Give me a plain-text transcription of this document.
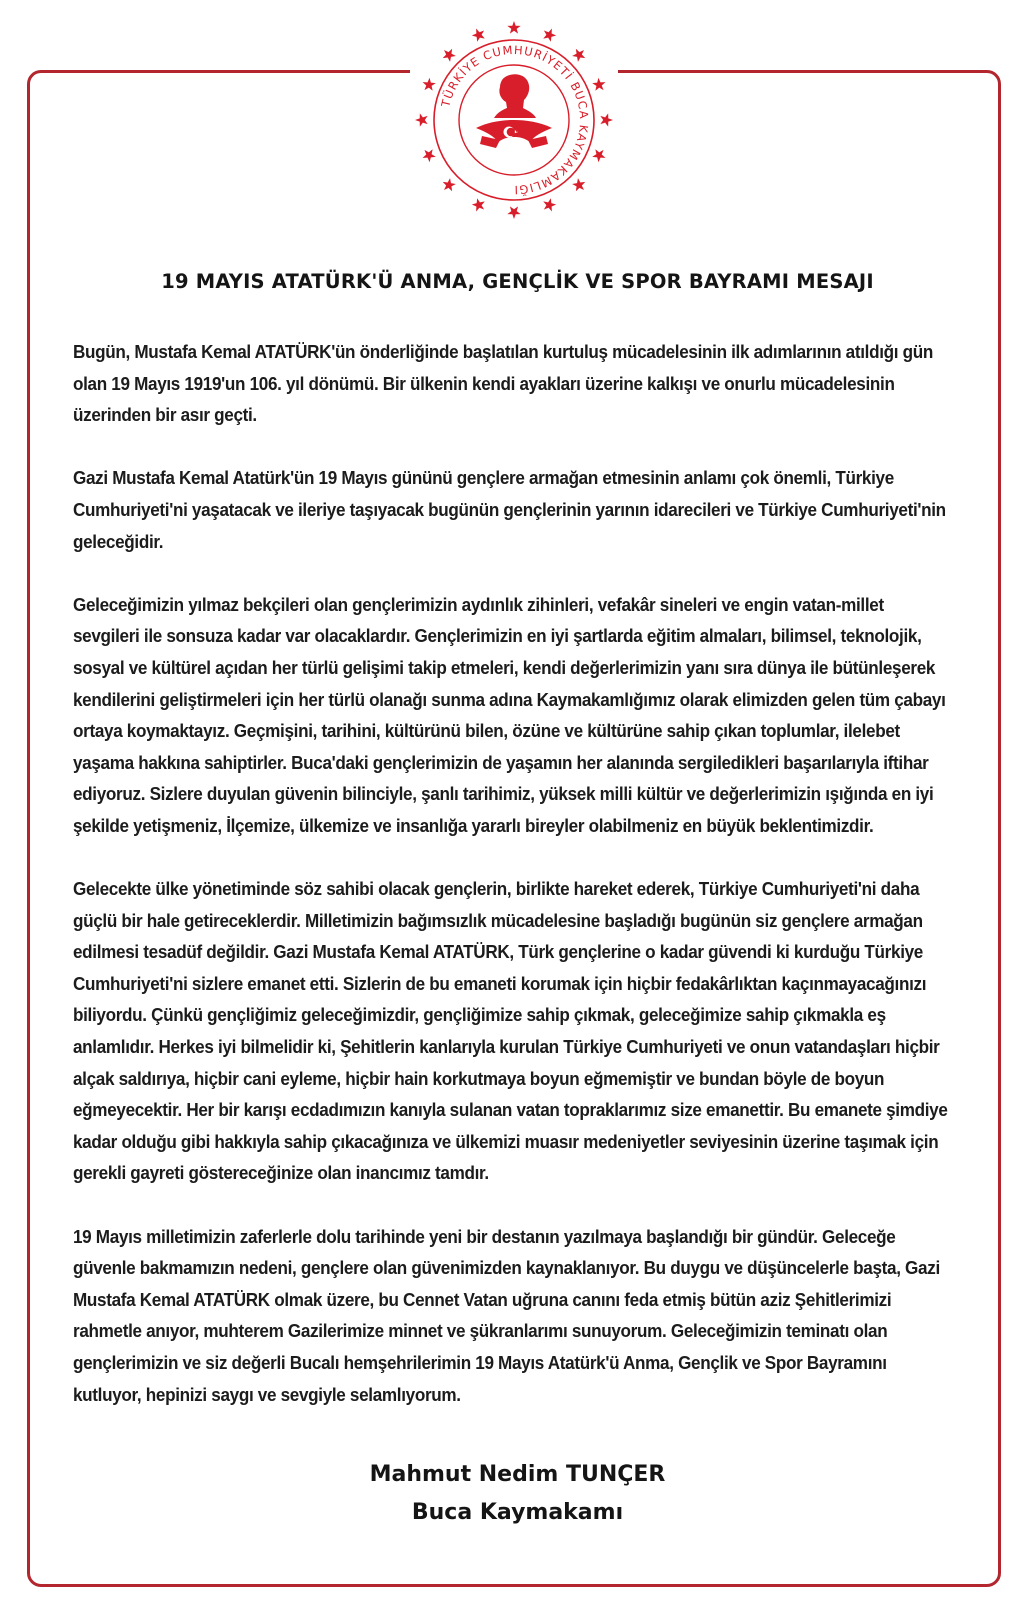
TÜRKİYE CUMHURİYETİ BUCA KAYMAKAMLIĞI
19 MAYIS ATATÜRK'Ü ANMA, GENÇLİK VE SPOR BAYRAMI MESAJI

Bugün, Mustafa Kemal ATATÜRK'ün önderliğinde başlatılan kurtuluş mücadelesinin ilk adımlarının atıldığı gün olan 19 Mayıs 1919'un 106. yıl dönümü. Bir ülkenin kendi ayakları üzerine kalkışı ve onurlu mücadelesinin üzerinden bir asır geçti.

Gazi Mustafa Kemal Atatürk'ün 19 Mayıs gününü gençlere armağan etmesinin anlamı çok önemli, Türkiye Cumhuriyeti'ni yaşatacak ve ileriye taşıyacak bugünün gençlerinin yarının idarecileri ve Türkiye Cumhuriyeti'nin geleceğidir.

Geleceğimizin yılmaz bekçileri olan gençlerimizin aydınlık zihinleri, vefakâr sineleri ve engin vatan-millet sevgileri ile sonsuza kadar var olacaklardır. Gençlerimizin en iyi şartlarda eğitim almaları, bilimsel, teknolojik, sosyal ve kültürel açıdan her türlü gelişimi takip etmeleri, kendi değerlerimizin yanı sıra dünya ile bütünleşerek kendilerini geliştirmeleri için her türlü olanağı sunma adına Kaymakamlığımız olarak elimizden gelen tüm çabayı ortaya koymaktayız. Geçmişini, tarihini, kültürünü bilen, özüne ve kültürüne sahip çıkan toplumlar, ilelebet yaşama hakkına sahiptirler. Buca'daki gençlerimizin de yaşamın her alanında sergiledikleri başarılarıyla iftihar ediyoruz. Sizlere duyulan güvenin bilinciyle, şanlı tarihimiz, yüksek milli kültür ve değerlerimizin ışığında en iyi şekilde yetişmeniz, İlçemize, ülkemize ve insanlığa yararlı bireyler olabilmeniz en büyük beklentimizdir.

Gelecekte ülke yönetiminde söz sahibi olacak gençlerin, birlikte hareket ederek, Türkiye Cumhuriyeti'ni daha güçlü bir hale getireceklerdir. Milletimizin bağımsızlık mücadelesine başladığı bugünün siz gençlere armağan edilmesi tesadüf değildir. Gazi Mustafa Kemal ATATÜRK, Türk gençlerine o kadar güvendi ki kurduğu Türkiye Cumhuriyeti'ni sizlere emanet etti. Sizlerin de bu emaneti korumak için hiçbir fedakârlıktan kaçınmayacağınızı biliyordu. Çünkü gençliğimiz geleceğimizdir, gençliğimize sahip çıkmak, geleceğimize sahip çıkmakla eş anlamlıdır. Herkes iyi bilmelidir ki, Şehitlerin kanlarıyla kurulan Türkiye Cumhuriyeti ve onun vatandaşları hiçbir alçak saldırıya, hiçbir cani eyleme, hiçbir hain korkutmaya boyun eğmemiştir ve bundan böyle de boyun eğmeyecektir. Her bir karışı ecdadımızın kanıyla sulanan vatan topraklarımız size emanettir. Bu emanete şimdiye kadar olduğu gibi hakkıyla sahip çıkacağınıza ve ülkemizi muasır medeniyetler seviyesinin üzerine taşımak için gerekli gayreti göstereceğinize olan inancımız tamdır.

19 Mayıs milletimizin zaferlerle dolu tarihinde yeni bir destanın yazılmaya başlandığı bir gündür. Geleceğe güvenle bakmamızın nedeni, gençlere olan güvenimizden kaynaklanıyor. Bu duygu ve düşüncelerle başta, Gazi Mustafa Kemal ATATÜRK olmak üzere, bu Cennet Vatan uğruna canını feda etmiş bütün aziz Şehitlerimizi rahmetle anıyor, muhterem Gazilerimize minnet ve şükranlarımı sunuyorum. Geleceğimizin teminatı olan gençlerimizin ve siz değerli Bucalı hemşehrilerimin 19 Mayıs Atatürk'ü Anma, Gençlik ve Spor Bayramını kutluyor, hepinizi saygı ve sevgiyle selamlıyorum.

Mahmut Nedim TUNÇER
Buca Kaymakamı
